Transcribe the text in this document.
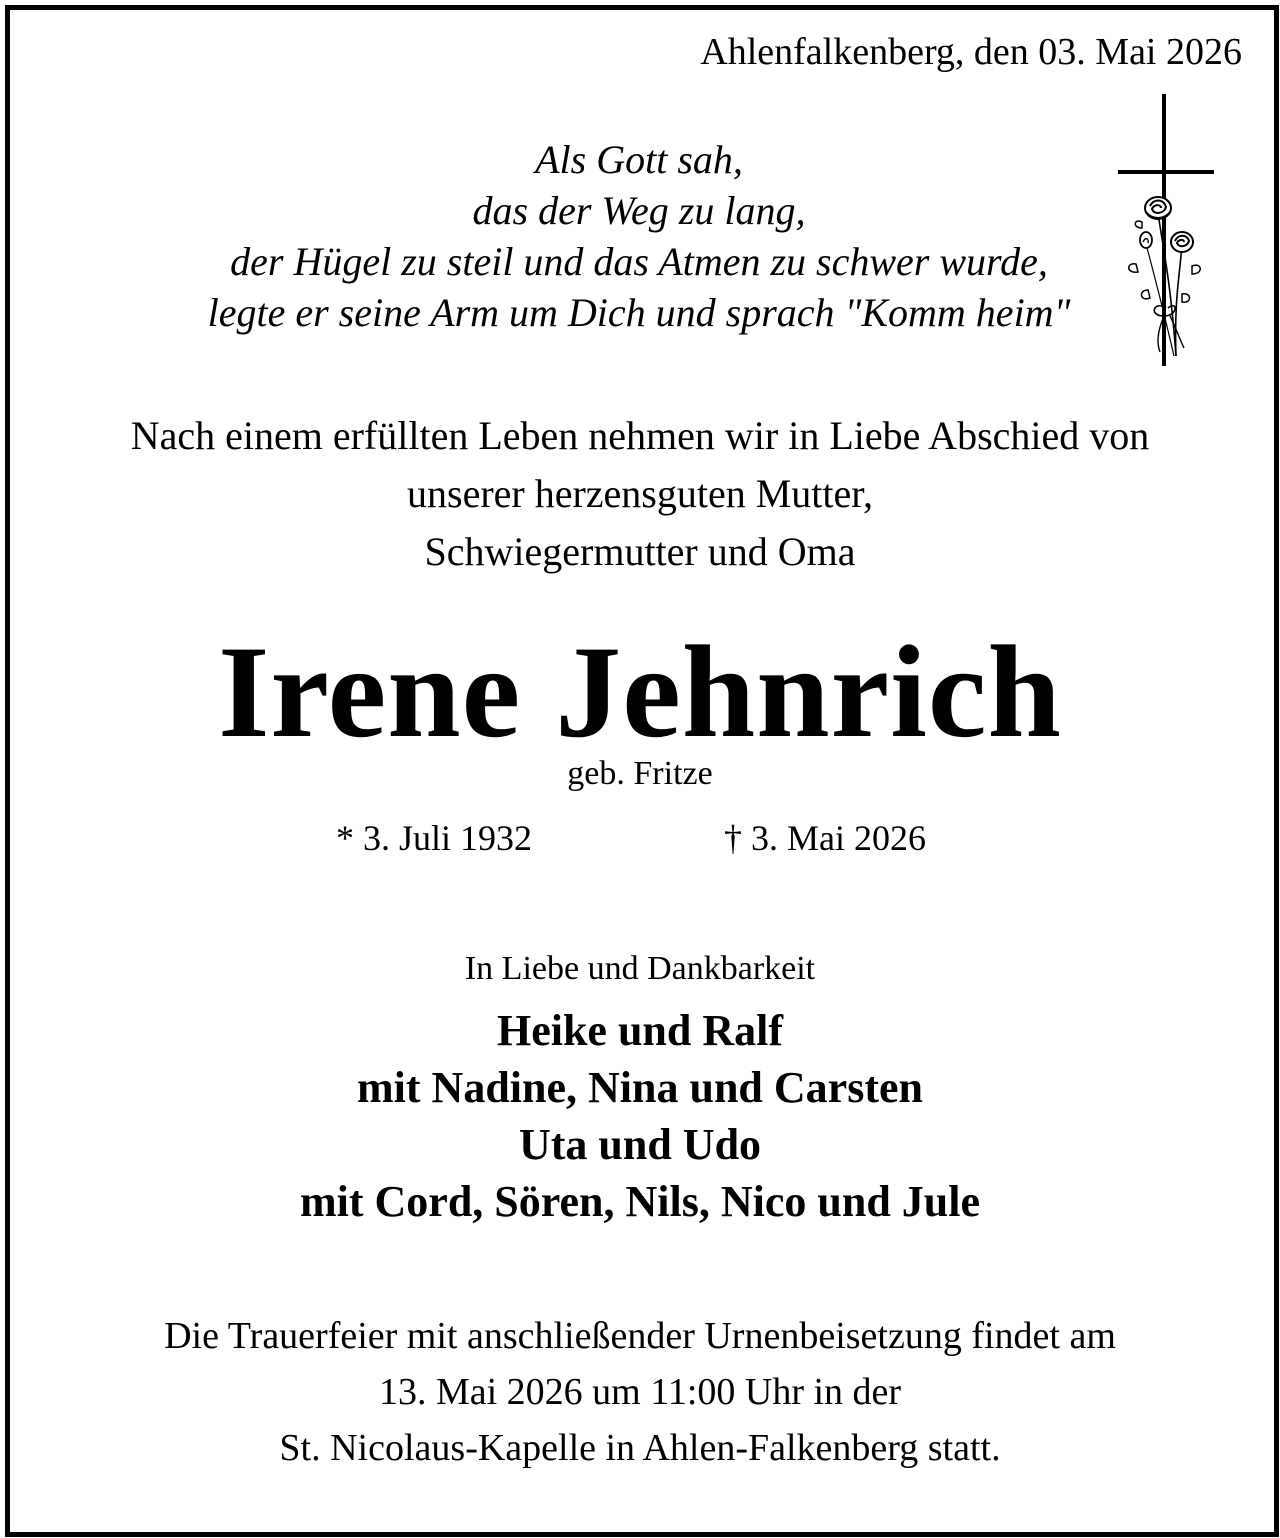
Ahlenfalkenberg, den 03. Mai 2026

Als Gott sah,
das der Weg zu lang,
der Hügel zu steil und das Atmen zu schwer wurde,
legte er seine Arm um Dich und sprach "Komm heim"
Nach einem erfüllten Leben nehmen wir in Liebe Abschied von
unserer herzensguten Mutter,
Schwiegermutter und Oma
Irene Jehnrich

geb. Fritze

* 3. Juli 1932	† 3. Mai 2026

In Liebe und Dankbarkeit

Heike und Ralf
mit Nadine, Nina und Carsten
Uta und Udo
mit Cord, Sören, Nils, Nico und Jule
Die Trauerfeier mit anschließender Urnenbeisetzung findet am
13. Mai 2026 um 11:00 Uhr in der
St. Nicolaus-Kapelle in Ahlen-Falkenberg statt.
